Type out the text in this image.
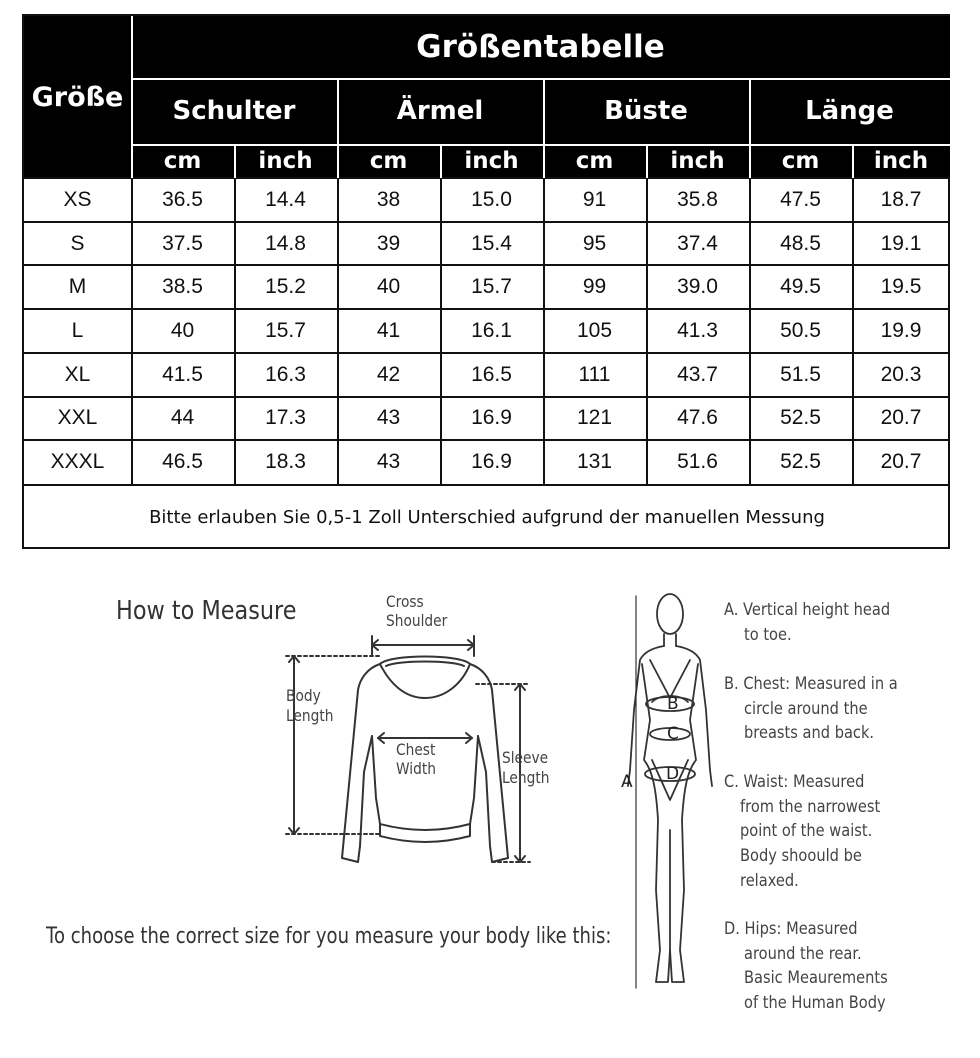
Größe
Größentabelle
Schulter	Ärmel	Büste	Länge
cm	inch	cm	inch	cm	inch	cm	inch
XS	36.5	14.4	38	15.0	91	35.8	47.5	18.7
S	37.5	14.8	39	15.4	95	37.4	48.5	19.1
M	38.5	15.2	40	15.7	99	39.0	49.5	19.5
L	40	15.7	41	16.1	105	41.3	50.5	19.9
XL	41.5	16.3	42	16.5	111	43.7	51.5	20.3
XXL	44	17.3	43	16.9	121	47.6	52.5	20.7
XXXL	46.5	18.3	43	16.9	131	51.6	52.5	20.7
Bitte erlauben Sie 0,5-1 Zoll Unterschied aufgrund der manuellen Messung
How to Measure	Cross
Shoulder
Body
Length
Chest
Width
Sleeve
Length
To choose the correct size for you measure your body like this:
A
B
C
D
A. Vertical height head
to toe.
B. Chest: Measured in a
circle around the
breasts and back.
C. Waist: Measured
from the narrowest
point of the waist.
Body shoould be
relaxed.
D. Hips: Measured
around the rear.
Basic Meaurements
of the Human Body
